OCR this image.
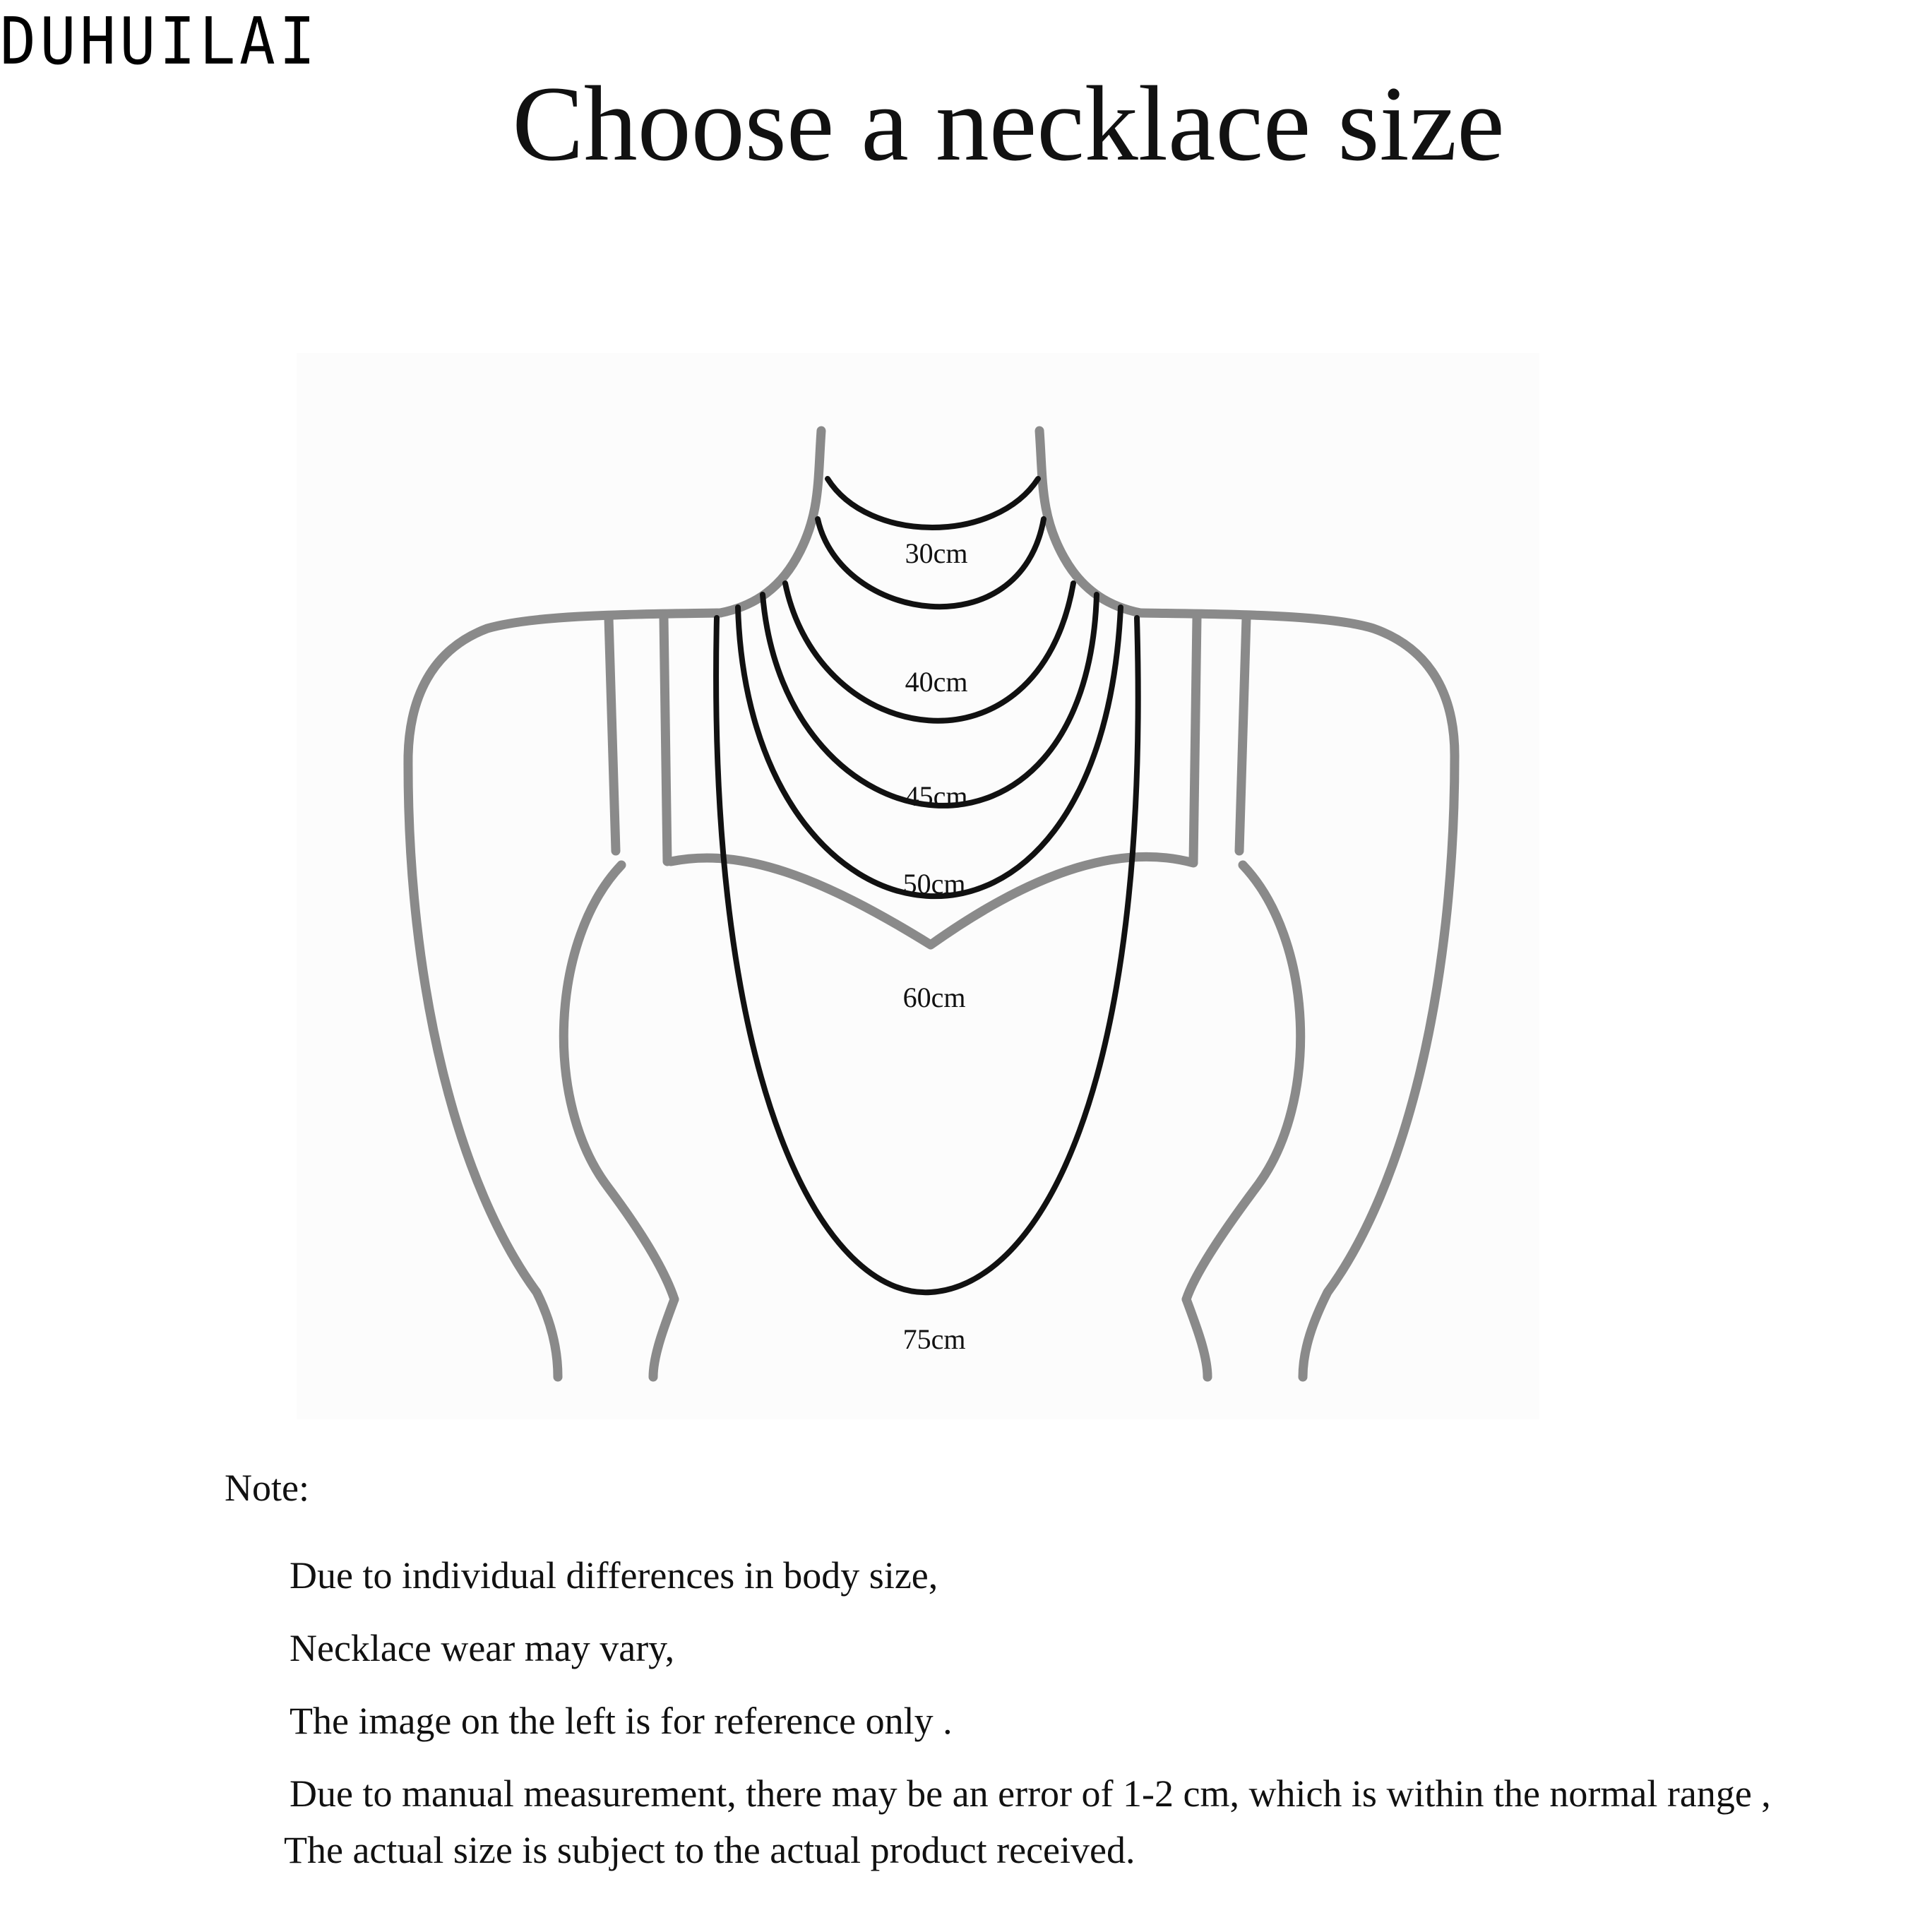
DUHUILAI
Choose a necklace size
30cm
40cm
45cm
50cm
60cm
75cm
Note:
Due to individual differences in body size,
Necklace wear may vary,
The image on the left is for reference only .
Due to manual measurement, there may be an error of 1-2 cm, which is within the normal range ,
The actual size is subject to the actual product received.
